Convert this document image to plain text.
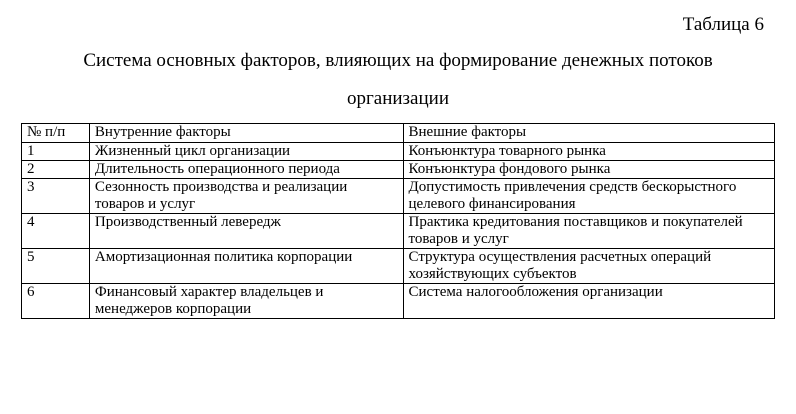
Таблица 6
Система основных факторов, влияющих на формирование денежных потоков
организации
№ п/п	Внутренние факторы	Внешние факторы
1	Жизненный цикл организации	Конъюнктура товарного рынка
2	Длительность операционного периода	Конъюнктура фондового рынка
3	Сезонность производства и реализации товаров и услуг	Допустимость привлечения средств бескорыстного целевого финансирования
4	Производственный левередж	Практика кредитования поставщиков и покупателей товаров и услуг
5	Амортизационная политика корпорации	Структура осуществления расчетных операций хозяйствующих субъектов
6	Финансовый характер владельцев и менеджеров корпорации	Система налогообложения организации
